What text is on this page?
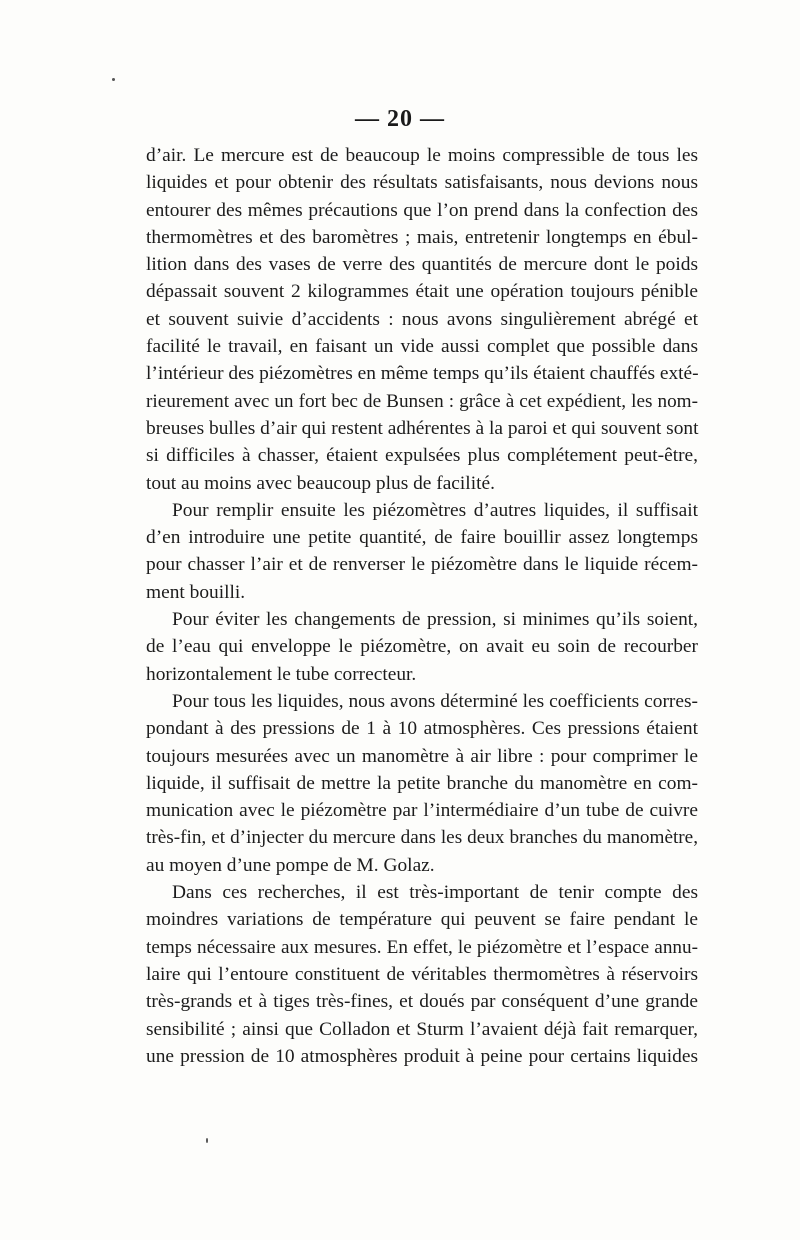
— 20 —
d’air. Le mercure est de beaucoup le moins compressible de tous les
liquides et pour obtenir des résultats satisfaisants, nous devions nous
entourer des mêmes précautions que l’on prend dans la confection des
thermomètres et des baromètres ; mais, entretenir longtemps en ébul-
lition dans des vases de verre des quantités de mercure dont le poids
dépassait souvent 2 kilogrammes était une opération toujours pénible
et souvent suivie d’accidents : nous avons singulièrement abrégé et
facilité le travail, en faisant un vide aussi complet que possible dans
l’intérieur des piézomètres en même temps qu’ils étaient chauffés exté-
rieurement avec un fort bec de Bunsen : grâce à cet expédient, les nom-
breuses bulles d’air qui restent adhérentes à la paroi et qui souvent sont
si difficiles à chasser, étaient expulsées plus complétement peut-être,
tout au moins avec beaucoup plus de facilité.
Pour remplir ensuite les piézomètres d’autres liquides, il suffisait
d’en introduire une petite quantité, de faire bouillir assez longtemps
pour chasser l’air et de renverser le piézomètre dans le liquide récem-
ment bouilli.
Pour éviter les changements de pression, si minimes qu’ils soient,
de l’eau qui enveloppe le piézomètre, on avait eu soin de recourber
horizontalement le tube correcteur.
Pour tous les liquides, nous avons déterminé les coefficients corres-
pondant à des pressions de 1 à 10 atmosphères. Ces pressions étaient
toujours mesurées avec un manomètre à air libre : pour comprimer le
liquide, il suffisait de mettre la petite branche du manomètre en com-
munication avec le piézomètre par l’intermédiaire d’un tube de cuivre
très-fin, et d’injecter du mercure dans les deux branches du manomètre,
au moyen d’une pompe de M. Golaz.
Dans ces recherches, il est très-important de tenir compte des
moindres variations de température qui peuvent se faire pendant le
temps nécessaire aux mesures. En effet, le piézomètre et l’espace annu-
laire qui l’entoure constituent de véritables thermomètres à réservoirs
très-grands et à tiges très-fines, et doués par conséquent d’une grande
sensibilité ; ainsi que Colladon et Sturm l’avaient déjà fait remarquer,
une pression de 10 atmosphères produit à peine pour certains liquides
